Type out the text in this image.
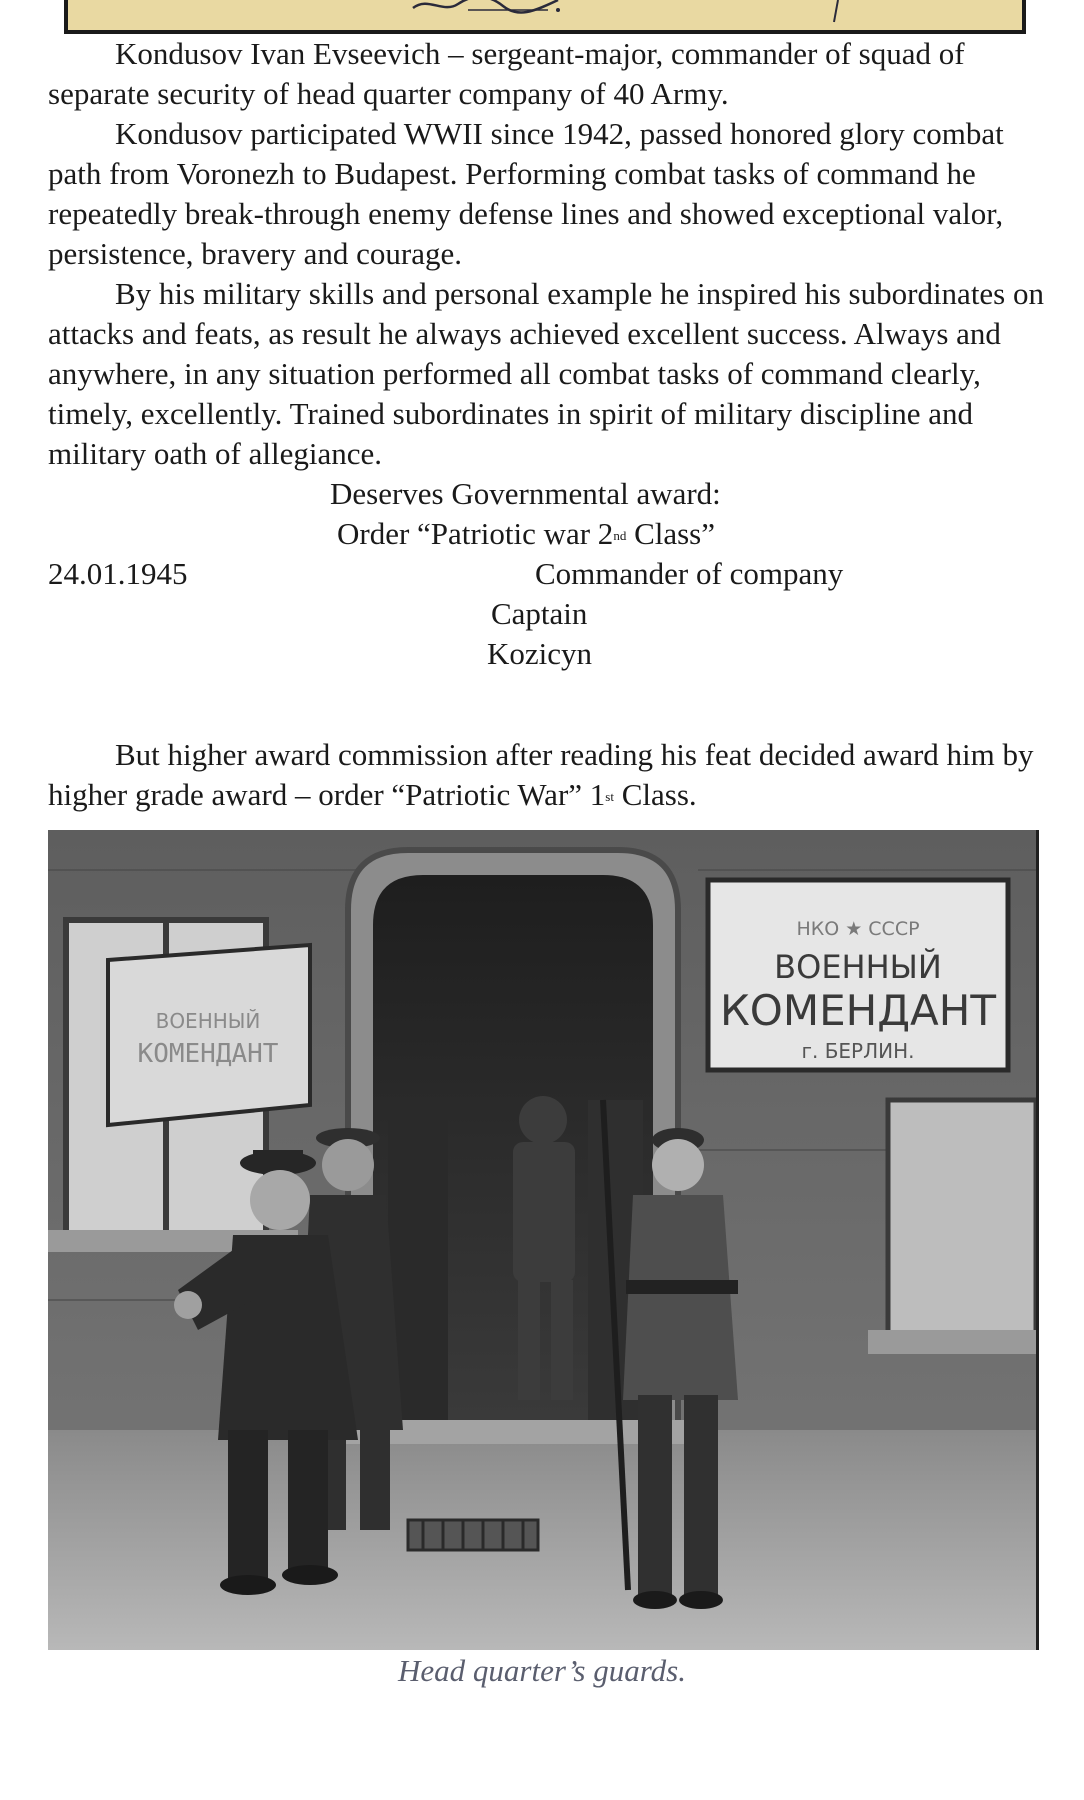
Kondusov Ivan Evseevich – sergeant-major, commander of squad of separate security of head quarter company of 40 Army.

Kondusov participated WWII since 1942, passed honored glory combat path from Voronezh to Budapest. Performing combat tasks of command he repeatedly break-through enemy defense lines and showed exceptional valor, persistence, bravery and courage.

By his military skills and personal example he inspired his subordinates on attacks and feats, as result he always achieved excellent success. Always and anywhere, in any situation performed all combat tasks of command clearly, timely, excellently. Trained subordinates in spirit of military discipline and military oath of allegiance.

Deserves Governmental award:

Order “Patriotic war 2nd Class”

24.01.1945	Commander of company

Captain

Kozicyn

But higher award commission after reading his feat decided award him by higher grade award – order “Patriotic War” 1st Class.

ВОЕННЫЙ
КОМЕНДАНТ
НКО ★ СССР
ВОЕННЫЙ
КОМЕНДАНТ
г. БЕРЛИН.
Head quarter’s guards.
